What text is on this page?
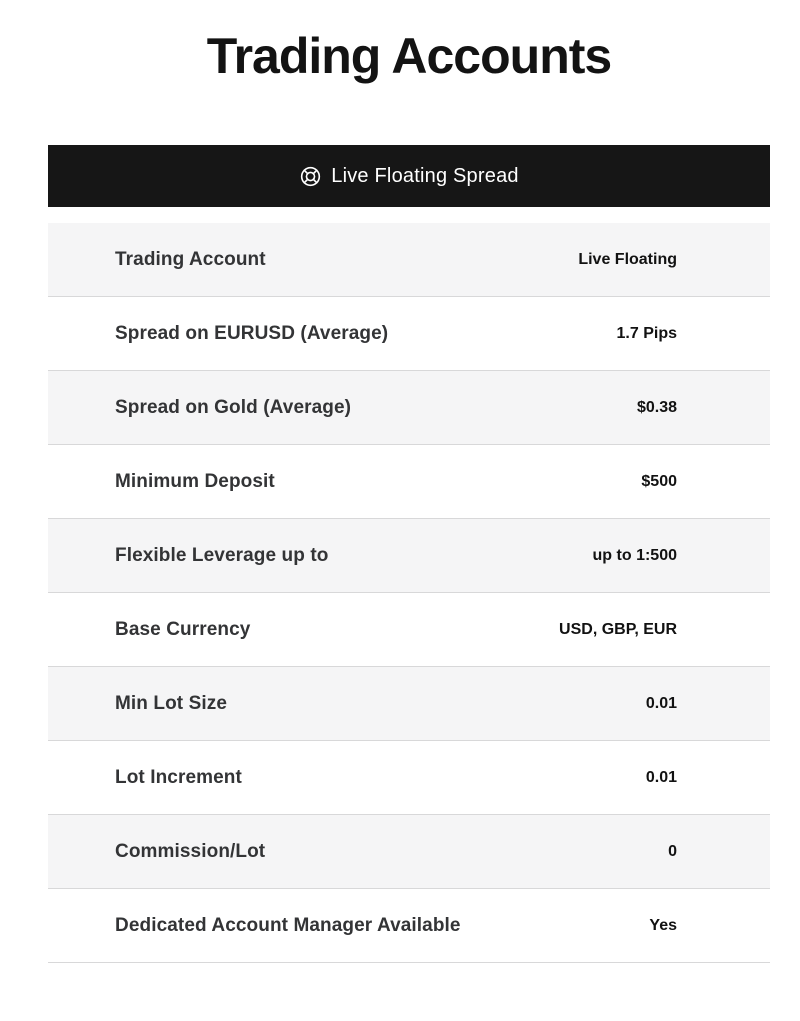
Trading Accounts
Live Floating Spread
Trading Account	Live Floating
Spread on EURUSD (Average)	1.7 Pips
Spread on Gold (Average)	$0.38
Minimum Deposit	$500
Flexible Leverage up to	up to 1:500
Base Currency	USD, GBP, EUR
Min Lot Size	0.01
Lot Increment	0.01
Commission/Lot	0
Dedicated Account Manager Available	Yes
